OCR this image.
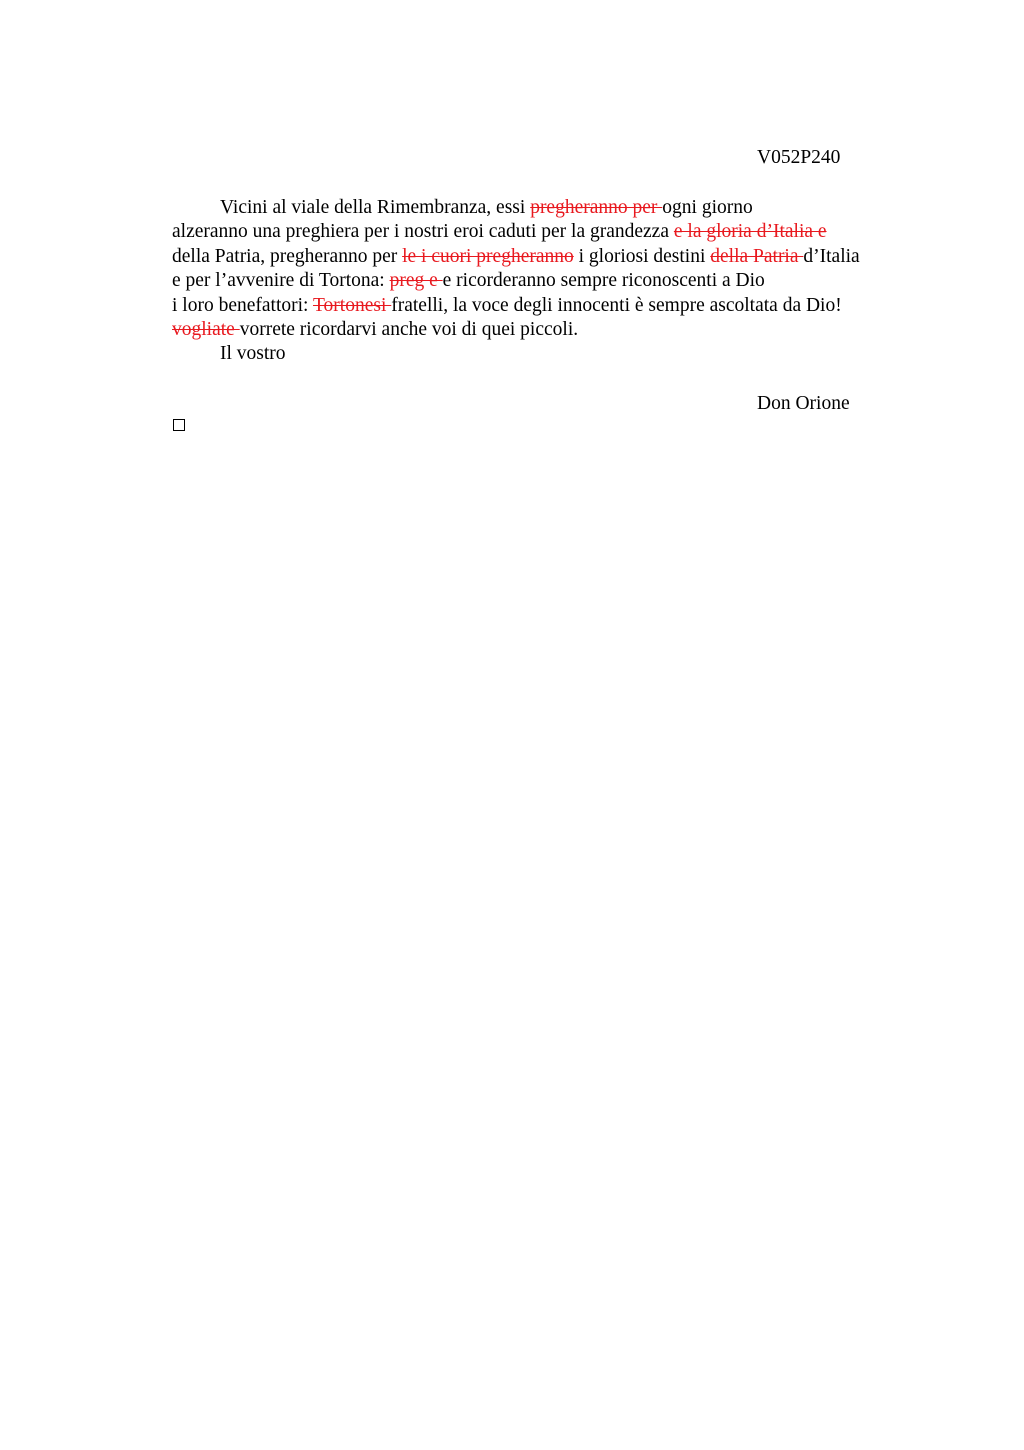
V052P240
Vicini al viale della Rimembranza, essi pregheranno per ogni giorno
alzeranno una preghiera per i nostri eroi caduti per la grandezza e la gloria d’Italia e
della Patria, pregheranno per le i cuori pregheranno i gloriosi destini della Patria d’Italia
e per l’avvenire di Tortona: preg e e ricorderanno sempre riconoscenti a Dio
i loro benefattori: Tortonesi fratelli, la voce degli innocenti è sempre ascoltata da Dio!
vogliate vorrete ricordarvi anche voi di quei piccoli.
Il vostro
Don Orione
